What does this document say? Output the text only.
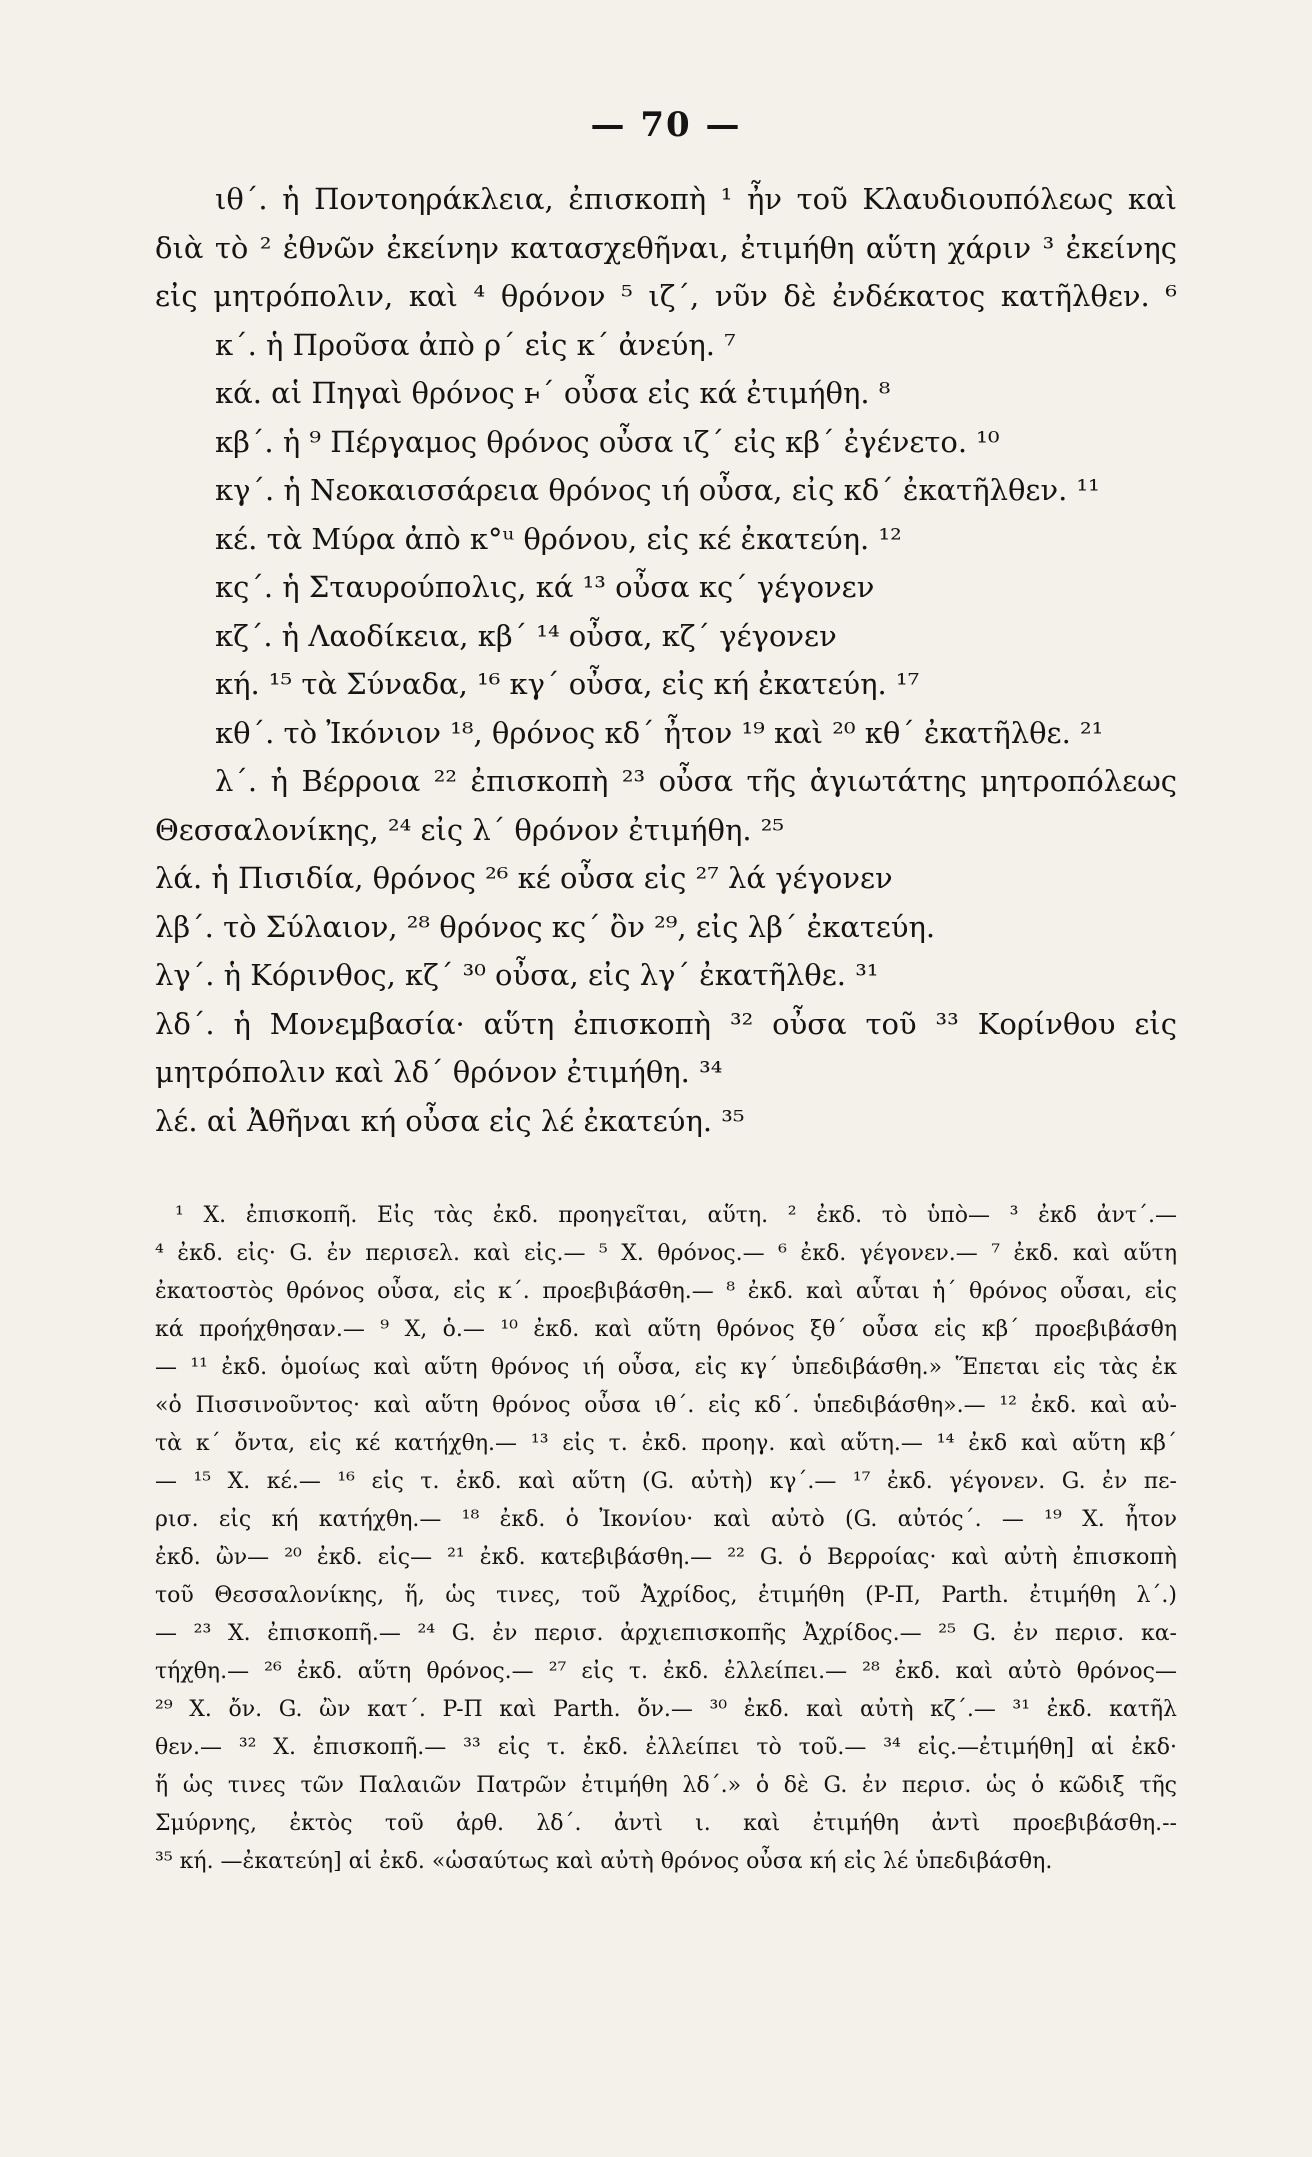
— 70 —
ιθ΄. ἡ Ποντοηράκλεια, ἐπισκοπὴ ¹ ἦν τοῦ Κλαυδιουπόλεως καὶ
διὰ τὸ ² ἐθνῶν ἐκείνην κατασχεθῆναι, ἐτιμήθη αὕτη χάριν ³ ἐκείνης
εἰς μητρόπολιν, καὶ ⁴ θρόνον ⁵ ιζ΄, νῦν δὲ ἐνδέκατος κατῆλθεν. ⁶
κ΄. ἡ Προῦσα ἀπὸ ρ΄ εἰς κ΄ ἀνεύη. ⁷
κά. αἱ Πηγαὶ θρόνος ⱶ΄ οὖσα εἰς κά ἐτιμήθη. ⁸
κβ΄. ἡ ⁹ Πέργαμος θρόνος οὖσα ιζ΄ εἰς κβ΄ ἐγένετο. ¹⁰
κγ΄. ἡ Νεοκαισσάρεια θρόνος ιή οὖσα, εἰς κδ΄ ἐκατῆλθεν. ¹¹
κέ. τὰ Μύρα ἀπὸ κ°ᵘ θρόνου, εἰς κέ ἐκατεύη. ¹²
κς΄. ἡ Σταυρούπολις, κά ¹³ οὖσα κς΄ γέγονεν
κζ΄. ἡ Λαοδίκεια, κβ΄ ¹⁴ οὖσα, κζ΄ γέγονεν
κή. ¹⁵ τὰ Σύναδα, ¹⁶ κγ΄ οὖσα, εἰς κή ἐκατεύη. ¹⁷
κθ΄. τὸ Ἰκόνιον ¹⁸, θρόνος κδ΄ ἦτον ¹⁹ καὶ ²⁰ κθ΄ ἐκατῆλθε. ²¹
λ΄. ἡ Βέρροια ²² ἐπισκοπὴ ²³ οὖσα τῆς ἁγιωτάτης μητροπόλεως
Θεσσαλονίκης, ²⁴ εἰς λ΄ θρόνον ἐτιμήθη. ²⁵
λά. ἡ Πισιδία, θρόνος ²⁶ κέ οὖσα εἰς ²⁷ λά γέγονεν
λβ΄. τὸ Σύλαιον, ²⁸ θρόνος κς΄ ὂν ²⁹, εἰς λβ΄ ἐκατεύη.
λγ΄. ἡ Κόρινθος, κζ΄ ³⁰ οὖσα, εἰς λγ΄ ἐκατῆλθε. ³¹
λδ΄. ἡ Μονεμβασία· αὕτη ἐπισκοπὴ ³² οὖσα τοῦ ³³ Κορίνθου εἰς
μητρόπολιν καὶ λδ΄ θρόνον ἐτιμήθη. ³⁴
λέ. αἱ Ἀθῆναι κή οὖσα εἰς λέ ἐκατεύη. ³⁵
¹ Χ. ἐπισκοπῆ. Εἰς τὰς ἐκδ. προηγεῖται, αὕτη. ² ἐκδ. τὸ ὑπὸ— ³ ἐκδ ἀντ΄.—
⁴ ἐκδ. εἰς· G. ἐν περισελ. καὶ εἰς.— ⁵ Χ. θρόνος.— ⁶ ἐκδ. γέγονεν.— ⁷ ἐκδ. καὶ αὕτη
ἐκατοστὸς θρόνος οὖσα, εἰς κ΄. προεβιβάσθη.— ⁸ ἐκδ. καὶ αὗται ἡ΄ θρόνος οὖσαι, εἰς
κά προήχθησαν.— ⁹ Χ, ὁ.— ¹⁰ ἐκδ. καὶ αὕτη θρόνος ξθ΄ οὖσα εἰς κβ΄ προεβιβάσθη
— ¹¹ ἐκδ. ὁμοίως καὶ αὕτη θρόνος ιή οὖσα, εἰς κγ΄ ὑπεδιβάσθη.» Ἕπεται εἰς τὰς ἐκ
«ὁ Πισσινοῦντος· καὶ αὕτη θρόνος οὖσα ιθ΄. εἰς κδ΄. ὑπεδιβάσθη».— ¹² ἐκδ. καὶ αὐ-
τὰ κ΄ ὄντα, εἰς κέ κατήχθη.— ¹³ εἰς τ. ἐκδ. προηγ. καὶ αὕτη.— ¹⁴ ἐκδ καὶ αὕτη κβ΄
— ¹⁵ Χ. κέ.— ¹⁶ εἰς τ. ἐκδ. καὶ αὕτη (G. αὐτὴ) κγ΄.— ¹⁷ ἐκδ. γέγονεν. G. ἐν πε-
ρισ. εἰς κή κατήχθη.— ¹⁸ ἐκδ. ὁ Ἰκονίου· καὶ αὐτὸ (G. αὐτός΄. — ¹⁹ Χ. ἦτον
ἐκδ. ὢν— ²⁰ ἐκδ. εἰς— ²¹ ἐκδ. κατεβιβάσθη.— ²² G. ὁ Βερροίας· καὶ αὐτὴ ἐπισκοπὴ
τοῦ Θεσσαλονίκης, ἥ, ὡς τινες, τοῦ Ἀχρίδος, ἐτιμήθη (P-Π, Parth. ἐτιμήθη λ΄.)
— ²³ Χ. ἐπισκοπῆ.— ²⁴ G. ἐν περισ. ἀρχιεπισκοπῆς Ἀχρίδος.— ²⁵ G. ἐν περισ. κα-
τήχθη.— ²⁶ ἐκδ. αὕτη θρόνος.— ²⁷ εἰς τ. ἐκδ. ἐλλείπει.— ²⁸ ἐκδ. καὶ αὐτὸ θρόνος—
²⁹ Χ. ὄν. G. ὢν κατ΄. P-Π καὶ Parth. ὄν.— ³⁰ ἐκδ. καὶ αὐτὴ κζ΄.— ³¹ ἐκδ. κατῆλ
θεν.— ³² Χ. ἐπισκοπῆ.— ³³ εἰς τ. ἐκδ. ἐλλείπει τὸ τοῦ.— ³⁴ εἰς.—ἐτιμήθη] αἱ ἐκδ·
ἥ ὡς τινες τῶν Παλαιῶν Πατρῶν ἐτιμήθη λδ΄.» ὁ δὲ G. ἐν περισ. ὡς ὁ κῶδιξ τῆς
Σμύρνης, ἐκτὸς τοῦ ἀρθ. λδ΄. ἀντὶ ι. καὶ ἐτιμήθη ἀντὶ προεβιβάσθη.--
³⁵ κή. —ἐκατεύη] αἱ ἐκδ. «ὡσαύτως καὶ αὐτὴ θρόνος οὖσα κή εἰς λέ ὑπεδιβάσθη.
